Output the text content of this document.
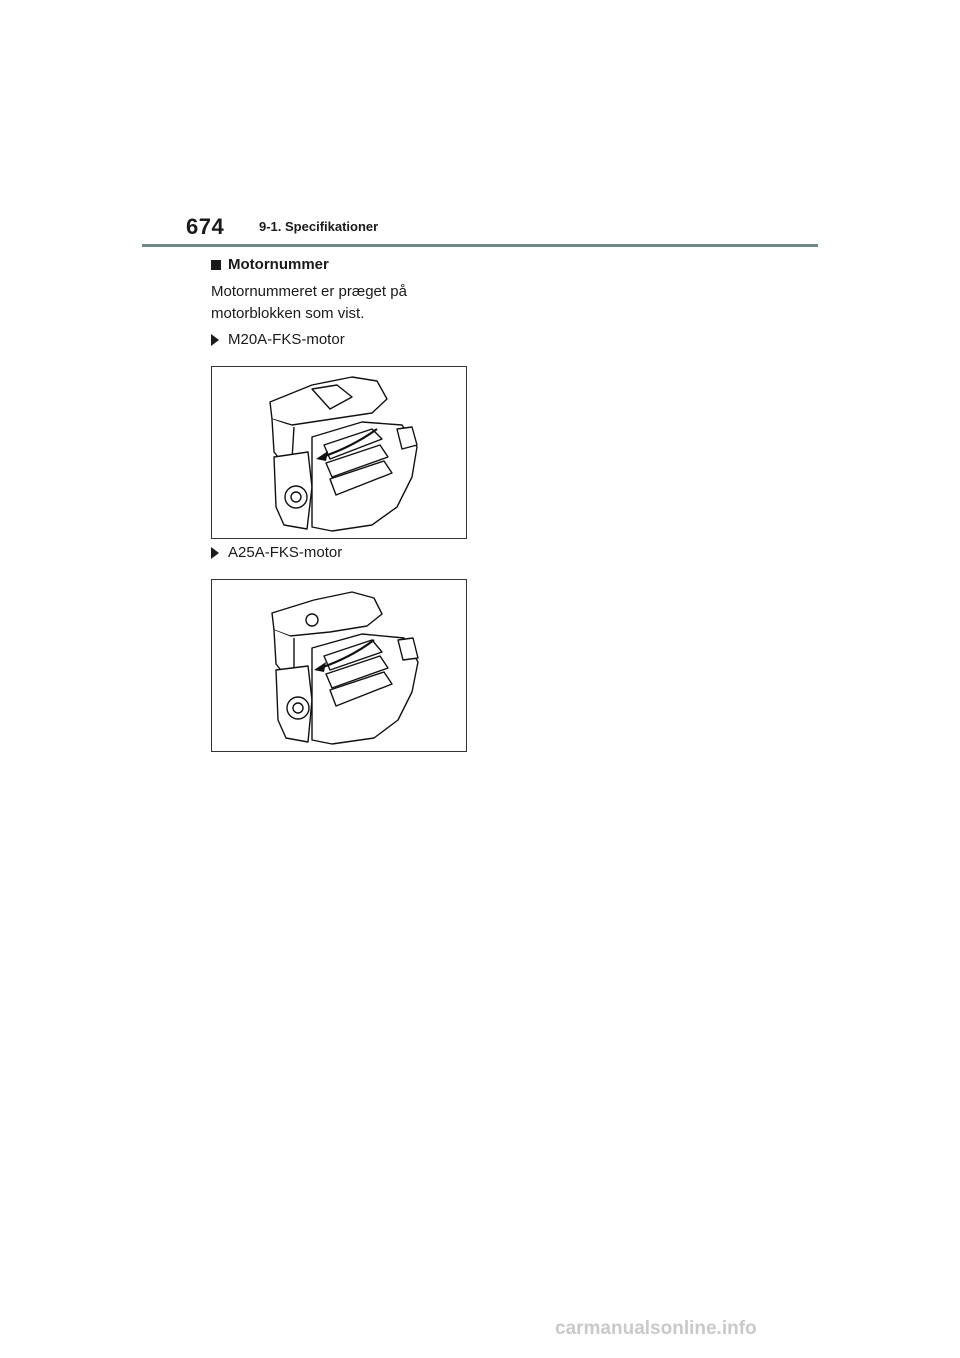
674	9-1. Specifikationer
Motornummer
Motornummeret er præget på
motorblokken som vist.
M20A-FKS-motor
A25A-FKS-motor
carmanualsonline.info
